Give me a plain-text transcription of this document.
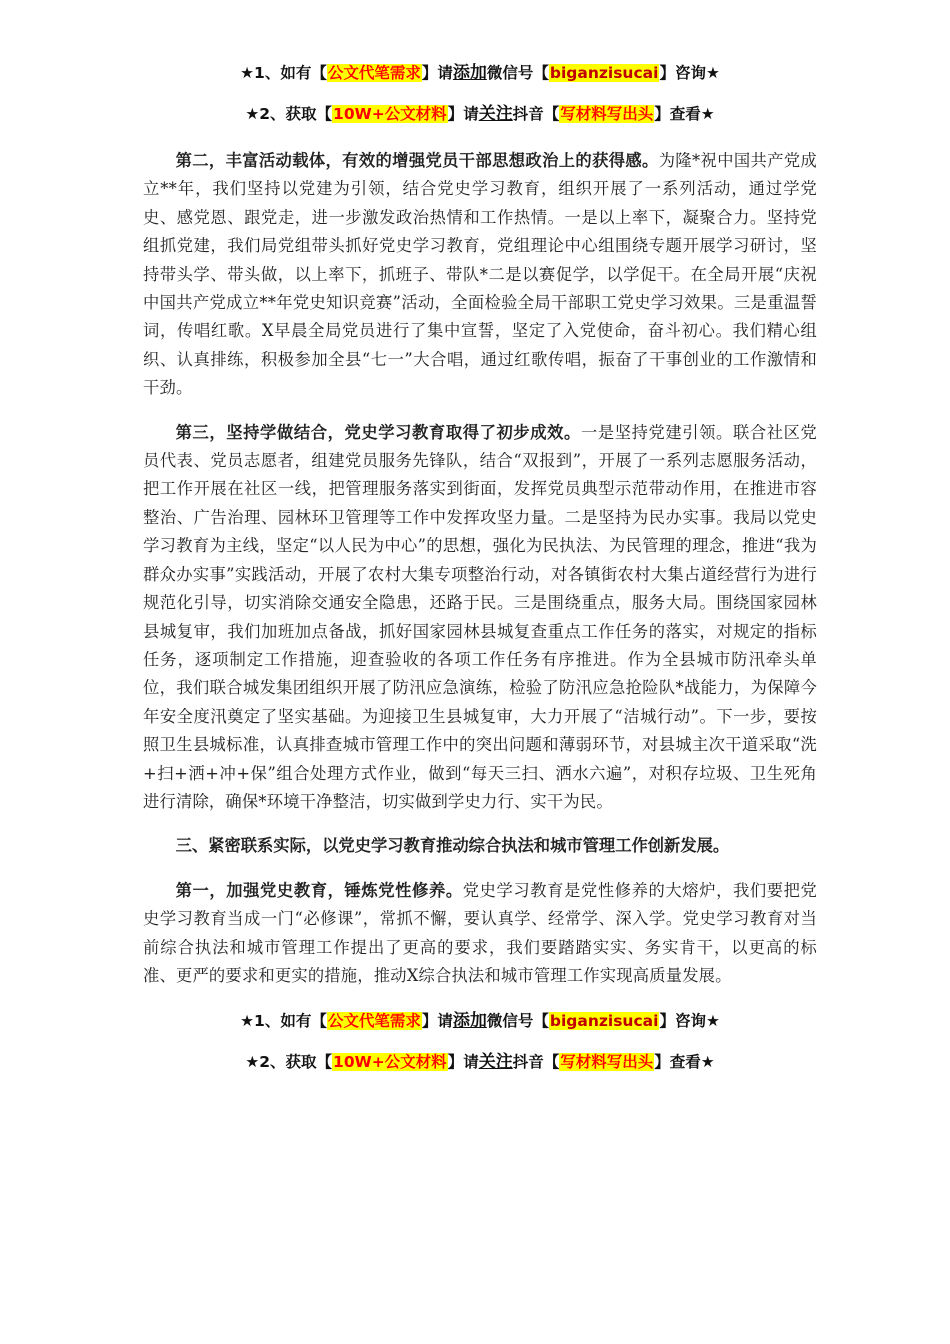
★1、如有【公文代笔需求】请添加微信号【biganzisucai】咨询★
★2、获取【10W+公文材料】请关注抖音【写材料写出头】查看★

第二，丰富活动载体，有效的增强党员干部思想政治上的获得感。为隆*祝中国共产党成立**年，我们坚持以党建为引领，结合党史学习教育，组织开展了一系列活动，通过学党史、感党恩、跟党走，进一步激发政治热情和工作热情。一是以上率下，凝聚合力。坚持党组抓党建，我们局党组带头抓好党史学习教育，党组理论中心组围绕专题开展学习研讨，坚持带头学、带头做，以上率下，抓班子、带队*二是以赛促学，以学促干。在全局开展“庆祝中国共产党成立**年党史知识竞赛”活动，全面检验全局干部职工党史学习效果。三是重温誓词，传唱红歌。X早晨全局党员进行了集中宣誓，坚定了入党使命，奋斗初心。我们精心组织、认真排练，积极参加全县“七一”大合唱，通过红歌传唱，振奋了干事创业的工作激情和干劲。

第三，坚持学做结合，党史学习教育取得了初步成效。一是坚持党建引领。联合社区党员代表、党员志愿者，组建党员服务先锋队，结合“双报到”，开展了一系列志愿服务活动，把工作开展在社区一线，把管理服务落实到街面，发挥党员典型示范带动作用，在推进市容整治、广告治理、园林环卫管理等工作中发挥攻坚力量。二是坚持为民办实事。我局以党史学习教育为主线，坚定“以人民为中心”的思想，强化为民执法、为民管理的理念，推进“我为群众办实事”实践活动，开展了农村大集专项整治行动，对各镇街农村大集占道经营行为进行规范化引导，切实消除交通安全隐患，还路于民。三是围绕重点，服务大局。围绕国家园林县城复审，我们加班加点备战，抓好国家园林县城复查重点工作任务的落实，对规定的指标任务，逐项制定工作措施，迎查验收的各项工作任务有序推进。作为全县城市防汛牵头单位，我们联合城发集团组织开展了防汛应急演练，检验了防汛应急抢险队*战能力，为保障今年安全度汛奠定了坚实基础。为迎接卫生县城复审，大力开展了“洁城行动”。下一步，要按照卫生县城标准，认真排查城市管理工作中的突出问题和薄弱环节，对县城主次干道采取“洗+扫+洒+冲+保”组合处理方式作业，做到“每天三扫、洒水六遍”，对积存垃圾、卫生死角进行清除，确保*环境干净整洁，切实做到学史力行、实干为民。

三、紧密联系实际，以党史学习教育推动综合执法和城市管理工作创新发展。

第一，加强党史教育，锤炼党性修养。党史学习教育是党性修养的大熔炉，我们要把党史学习教育当成一门“必修课”，常抓不懈，要认真学、经常学、深入学。党史学习教育对当前综合执法和城市管理工作提出了更高的要求，我们要踏踏实实、务实肯干，以更高的标准、更严的要求和更实的措施，推动X综合执法和城市管理工作实现高质量发展。

★1、如有【公文代笔需求】请添加微信号【biganzisucai】咨询★
★2、获取【10W+公文材料】请关注抖音【写材料写出头】查看★
